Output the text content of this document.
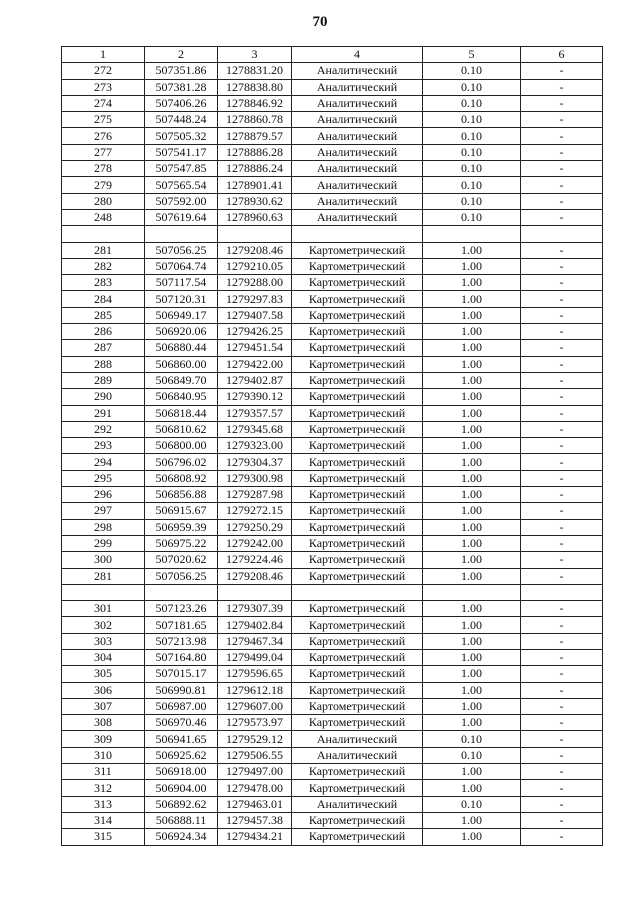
70
1	2	3	4	5	6
272	507351.86	1278831.20	Аналитический	0.10	-
273	507381.28	1278838.80	Аналитический	0.10	-
274	507406.26	1278846.92	Аналитический	0.10	-
275	507448.24	1278860.78	Аналитический	0.10	-
276	507505.32	1278879.57	Аналитический	0.10	-
277	507541.17	1278886.28	Аналитический	0.10	-
278	507547.85	1278886.24	Аналитический	0.10	-
279	507565.54	1278901.41	Аналитический	0.10	-
280	507592.00	1278930.62	Аналитический	0.10	-
248	507619.64	1278960.63	Аналитический	0.10	-

281	507056.25	1279208.46	Картометрический	1.00	-
282	507064.74	1279210.05	Картометрический	1.00	-
283	507117.54	1279288.00	Картометрический	1.00	-
284	507120.31	1279297.83	Картометрический	1.00	-
285	506949.17	1279407.58	Картометрический	1.00	-
286	506920.06	1279426.25	Картометрический	1.00	-
287	506880.44	1279451.54	Картометрический	1.00	-
288	506860.00	1279422.00	Картометрический	1.00	-
289	506849.70	1279402.87	Картометрический	1.00	-
290	506840.95	1279390.12	Картометрический	1.00	-
291	506818.44	1279357.57	Картометрический	1.00	-
292	506810.62	1279345.68	Картометрический	1.00	-
293	506800.00	1279323.00	Картометрический	1.00	-
294	506796.02	1279304.37	Картометрический	1.00	-
295	506808.92	1279300.98	Картометрический	1.00	-
296	506856.88	1279287.98	Картометрический	1.00	-
297	506915.67	1279272.15	Картометрический	1.00	-
298	506959.39	1279250.29	Картометрический	1.00	-
299	506975.22	1279242.00	Картометрический	1.00	-
300	507020.62	1279224.46	Картометрический	1.00	-
281	507056.25	1279208.46	Картометрический	1.00	-

301	507123.26	1279307.39	Картометрический	1.00	-
302	507181.65	1279402.84	Картометрический	1.00	-
303	507213.98	1279467.34	Картометрический	1.00	-
304	507164.80	1279499.04	Картометрический	1.00	-
305	507015.17	1279596.65	Картометрический	1.00	-
306	506990.81	1279612.18	Картометрический	1.00	-
307	506987.00	1279607.00	Картометрический	1.00	-
308	506970.46	1279573.97	Картометрический	1.00	-
309	506941.65	1279529.12	Аналитический	0.10	-
310	506925.62	1279506.55	Аналитический	0.10	-
311	506918.00	1279497.00	Картометрический	1.00	-
312	506904.00	1279478.00	Картометрический	1.00	-
313	506892.62	1279463.01	Аналитический	0.10	-
314	506888.11	1279457.38	Картометрический	1.00	-
315	506924.34	1279434.21	Картометрический	1.00	-
